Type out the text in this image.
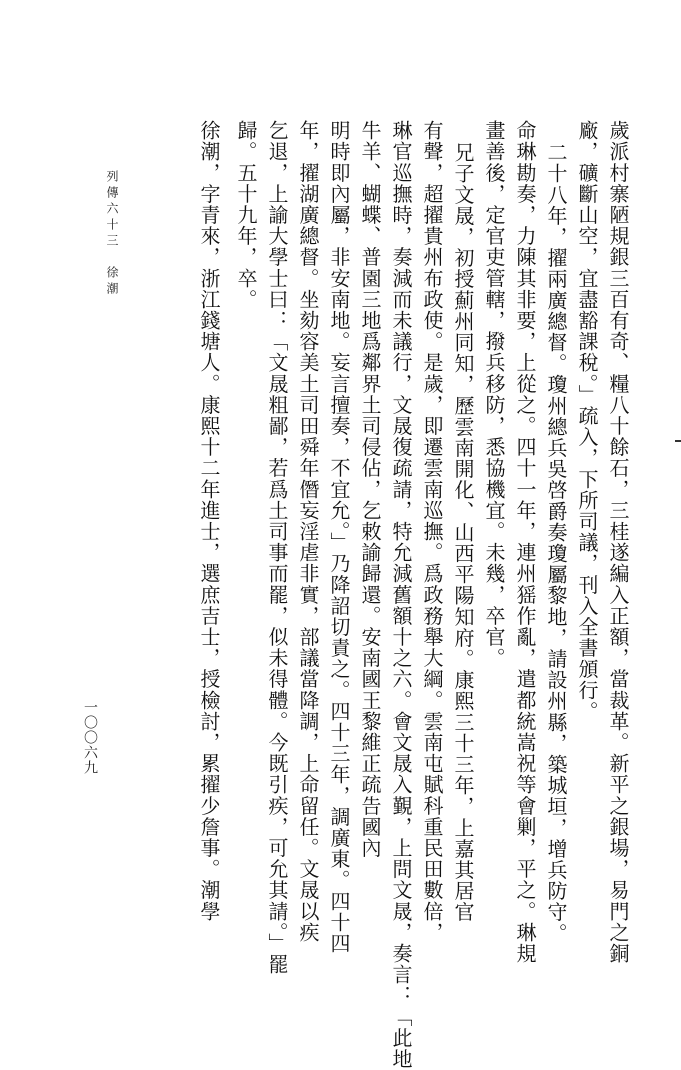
歲派村寨陋規銀三百有奇、糧八十餘石，三桂遂編入正額，當裁革。新平之銀場，易門之銅

廠，礦斷山空，宜盡豁課稅。」疏入，下所司議，刊入全書頒行。

二十八年，擢兩廣總督。瓊州總兵吳啓爵奏瓊屬黎地，請設州縣，築城垣，增兵防守。

命琳勘奏，力陳其非要，上從之。四十一年，連州猺作亂，遣都統嵩祝等會剿，平之。琳規

畫善後，定官吏管轄，撥兵移防，悉協機宜。未幾，卒官。

兄子文晟，初授薊州同知，歷雲南開化、山西平陽知府。康熙三十三年，上嘉其居官

有聲，超擢貴州布政使。是歲，即遷雲南巡撫。爲政務舉大綱。雲南屯賦科重民田數倍，

琳官巡撫時，奏減而未議行，文晟復疏請，特允減舊額十之六。會文晟入覲，上問文晟，奏言：「此地

牛羊、蝴蝶、普園三地爲鄰界土司侵佔，乞敕諭歸還。安南國王黎維正疏告國內

明時即內屬，非安南地。妄言擅奏，不宜允。」乃降詔切責之。四十三年，調廣東。四十四

年，擢湖廣總督。坐劾容美土司田舜年僭妄淫虐非實，部議當降調，上命留任。文晟以疾

乞退，上諭大學士曰：「文晟粗鄙，若爲土司事而罷，似未得體。今既引疾，可允其請。」罷

歸。五十九年，卒。

徐潮，字青來，浙江錢塘人。康熙十二年進士，選庶吉士，授檢討，累擢少詹事。潮學

列傳六十三　徐潮
一〇〇六九
